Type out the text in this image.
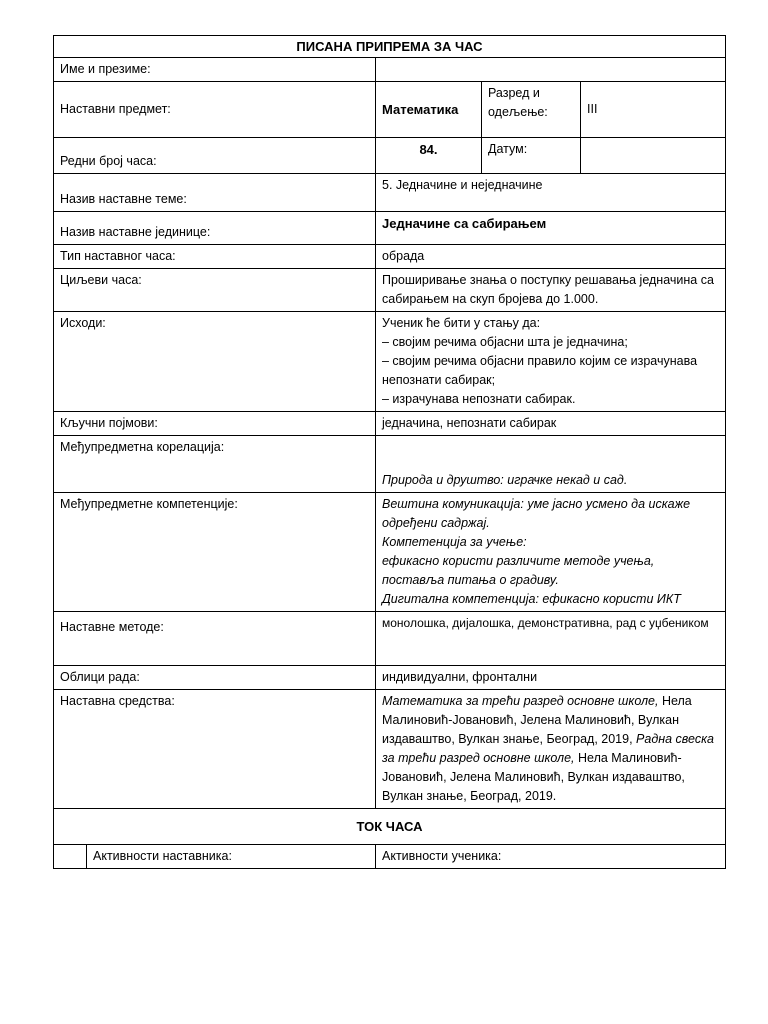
ПИСАНА ПРИПРЕМА ЗА ЧАС				
Име и презиме:				
Наставни предмет:		Математика	Разред и одељење:	III
Редни број часа:		84.	Датум:	
Назив наставне теме:		5. Једначине и неједначине		
Назив наставне јединице:		Једначине са сабирањем		
Тип наставног часа:		обрада		
Циљеви часа:		Проширивање знања о поступку решавања једначина са сабирањем на скуп бројева до 1.000.		
Исходи:		Ученик ће бити у стању да:
– својим речима објасни шта је једначина;
– својим речима објасни правило којим се израчунава непознати сабирак;
– израчунава непознати сабирак.		

Кључни појмови:		једначина, непознати сабирак		
Међупредметна корелација:		Природа и друштво: играчке некад и сад.		
Међупредметне компетенције:		Вештина комуникација: уме јасно усмено да искаже одређени садржај.
Компетенција за учење:
ефикасно користи различите методе учења, поставља питања о градиву.
Дигитална компетенција: ефикасно користи ИКТ		

Наставне методе:		монолошка, дијалошка, демонстративна, рад с уџбеником		
Облици рада:		индивидуални, фронтални		
Наставна средства:		Математика за трећи разред основне школе, Нела Малиновић-Јовановић, Јелена Малиновић, Вулкан издаваштво, Вулкан знање, Београд, 2019, Радна свеска за трећи разред основне школе, Нела Малиновић-Јовановић, Јелена Малиновић, Вулкан издаваштво, Вулкан знање, Београд, 2019.		
ТОК ЧАСА				
	Активности наставника:	Активности ученика:		
